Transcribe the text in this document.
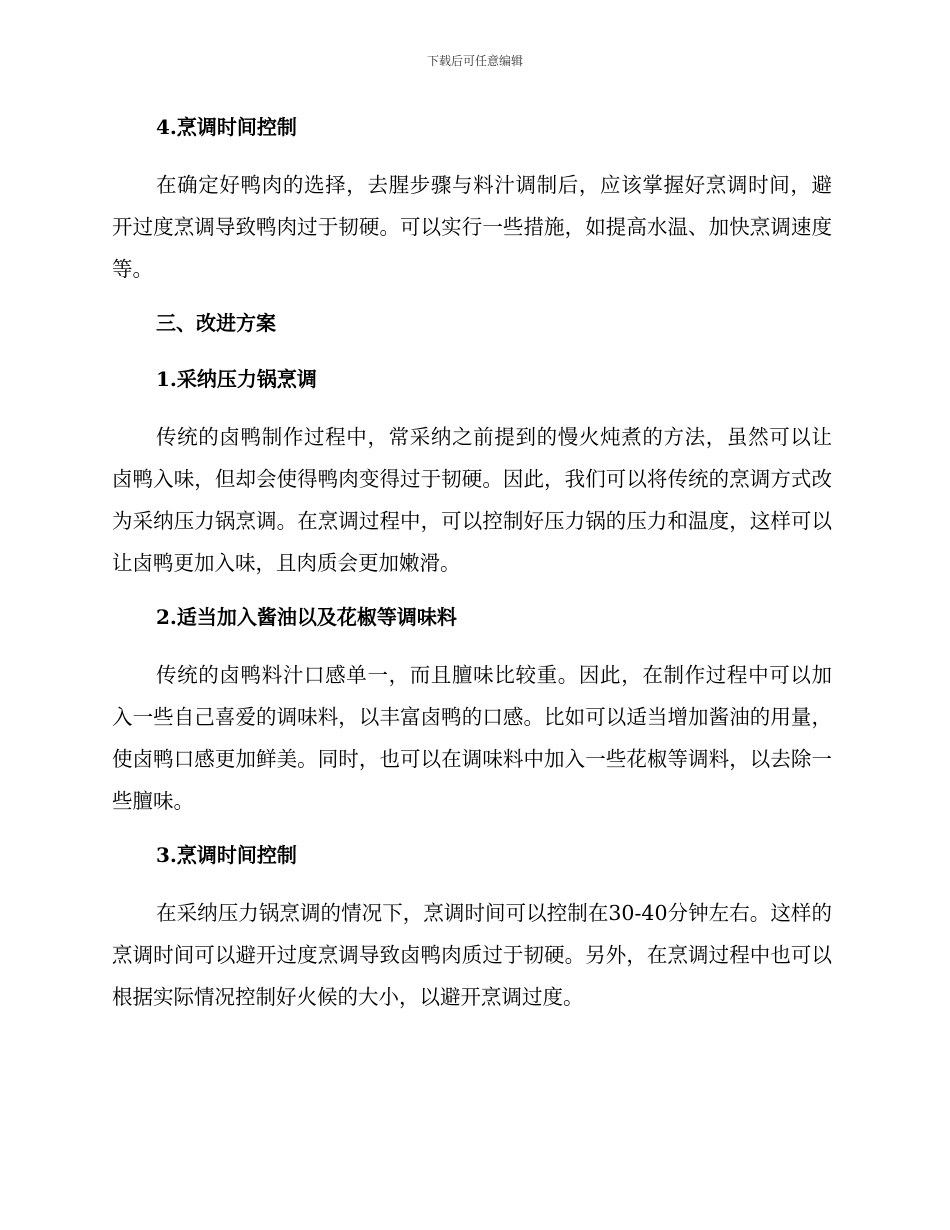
下载后可任意编辑
4.烹调时间控制

在确定好鸭肉的选择，去腥步骤与料汁调制后，应该掌握好烹调时间，避开过度烹调导致鸭肉过于韧硬。可以实行一些措施，如提高水温、加快烹调速度等。

三、改进方案
1.采纳压力锅烹调

传统的卤鸭制作过程中，常采纳之前提到的慢火炖煮的方法，虽然可以让卤鸭入味，但却会使得鸭肉变得过于韧硬。因此，我们可以将传统的烹调方式改为采纳压力锅烹调。在烹调过程中，可以控制好压力锅的压力和温度，这样可以让卤鸭更加入味，且肉质会更加嫩滑。

2.适当加入酱油以及花椒等调味料

传统的卤鸭料汁口感单一，而且膻味比较重。因此，在制作过程中可以加入一些自己喜爱的调味料，以丰富卤鸭的口感。比如可以适当增加酱油的用量，使卤鸭口感更加鲜美。同时，也可以在调味料中加入一些花椒等调料，以去除一些膻味。

3.烹调时间控制

在采纳压力锅烹调的情况下，烹调时间可以控制在30-40分钟左右。这样的烹调时间可以避开过度烹调导致卤鸭肉质过于韧硬。另外，在烹调过程中也可以根据实际情况控制好火候的大小，以避开烹调过度。
